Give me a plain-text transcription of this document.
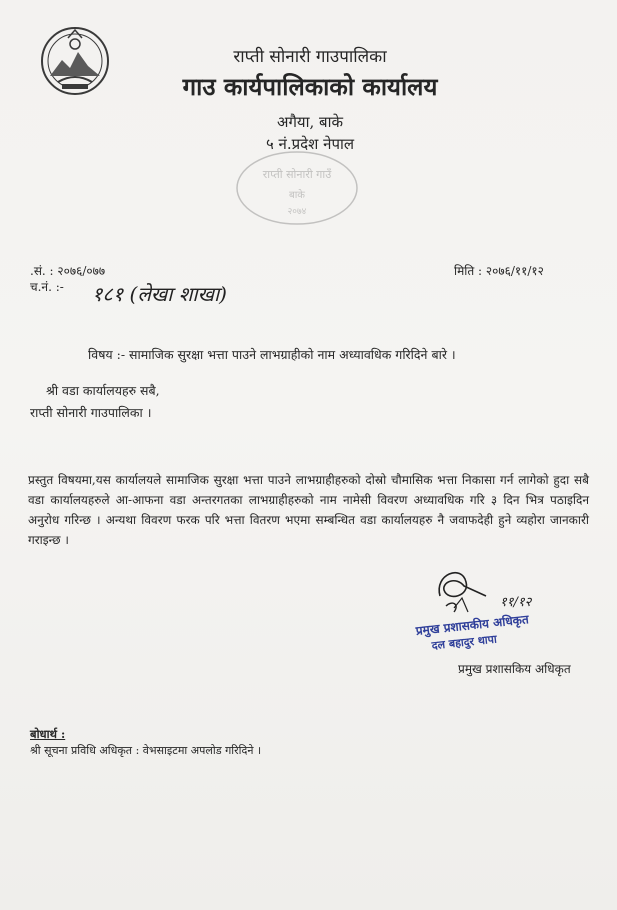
राप्ती सोनारी गाउपालिका
गाउ कार्यपालिकाको कार्यालय
अगैया, बाके
५ नं.प्रदेश नेपाल
राप्ती सोनारी गाउँ
बाके
२०७४
.सं. : २०७६/०७७
च.नं. :- १८१ (लेखा शाखा)
मिति : २०७६/११/१२
विषय :- सामाजिक सुरक्षा भत्ता पाउने लाभग्राहीको नाम अध्यावधिक गरिदिने बारे ।
श्री वडा कार्यालयहरु सबै,
राप्ती सोनारी गाउपालिका ।
प्रस्तुत विषयमा,यस कार्यालयले सामाजिक सुरक्षा भत्ता पाउने लाभग्राहीहरुको दोस्रो चौमासिक भत्ता निकासा गर्न लागेको हुदा सबै वडा कार्यालयहरुले आ-आफना वडा अन्तरगतका लाभग्राहीहरुको नाम नामेसी विवरण अध्यावधिक गरि ३ दिन भित्र पठाइदिन अनुरोध गरिन्छ । अन्यथा विवरण फरक परि भत्ता वितरण भएमा सम्बन्धित वडा कार्यालयहरु नै जवाफदेही हुने व्यहोरा जानकारी गराइन्छ ।
११/१२
प्रमुख प्रशासकीय अधिकृत
दल बहादुर थापा
प्रमुख प्रशासकिय अधिकृत
बोधार्थ :
श्री सूचना प्रविधि अधिकृत : वेभसाइटमा अपलोड गरिदिने ।
